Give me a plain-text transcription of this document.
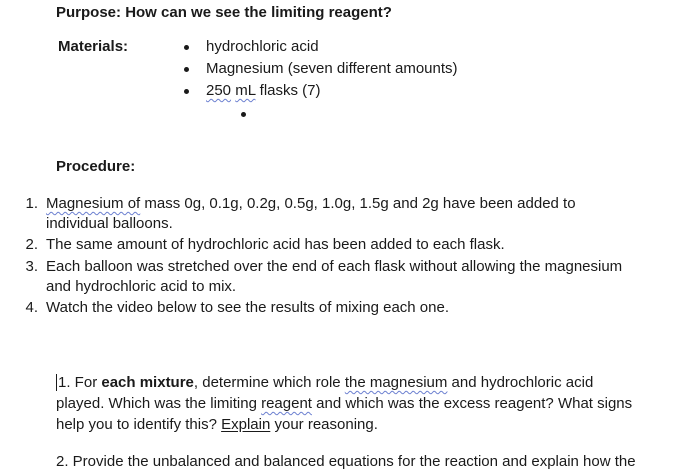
Purpose: How can we see the limiting reagent?
Materials:	hydrochloric acid
Magnesium (seven different amounts)
250 mL flasks (7)
Procedure:
1. Magnesium of mass 0g, 0.1g, 0.2g, 0.5g, 1.0g, 1.5g and 2g have been added to
individual balloons.
2. The same amount of hydrochloric acid has been added to each flask.
3. Each balloon was stretched over the end of each flask without allowing the magnesium
and hydrochloric acid to mix.
4. Watch the video below to see the results of mixing each one.
1. For each mixture, determine which role the magnesium and hydrochloric acid
played. Which was the limiting reagent and which was the excess reagent? What signs
help you to identify this? Explain your reasoning.
2. Provide the unbalanced and balanced equations for the reaction and explain how the
